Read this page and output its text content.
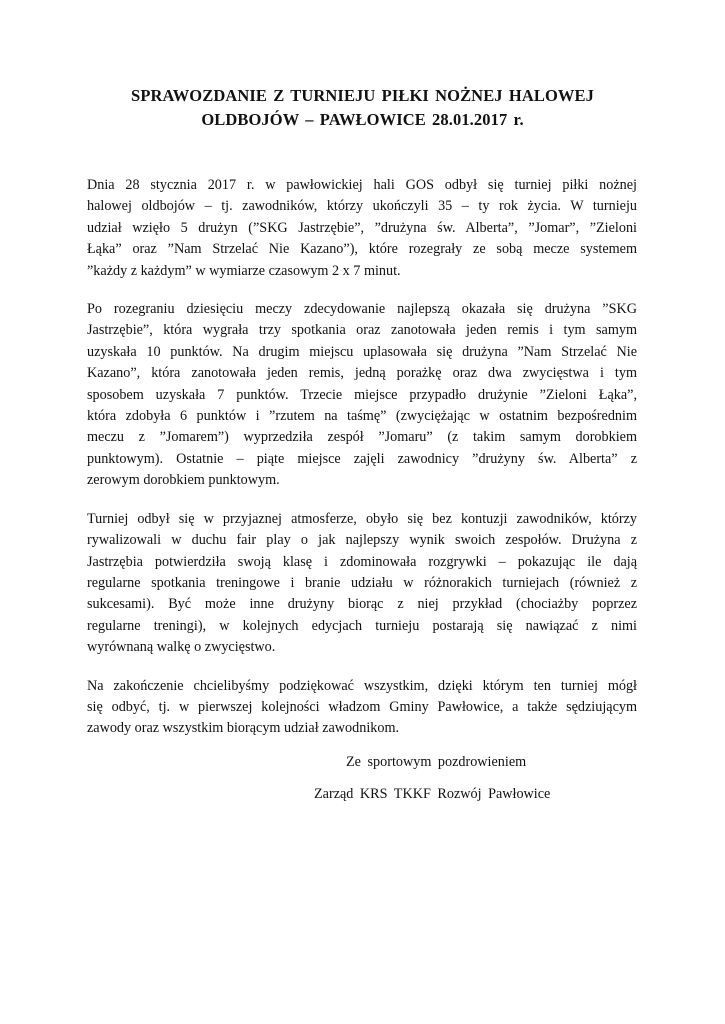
SPRAWOZDANIE Z TURNIEJU PIŁKI NOŻNEJ HALOWEJ
OLDBOJÓW – PAWŁOWICE 28.01.2017 r.

Dnia 28 stycznia 2017 r. w pawłowickiej hali GOS odbył się turniej piłki nożnej
halowej oldbojów – tj. zawodników, którzy ukończyli 35 – ty rok życia. W turnieju
udział wzięło 5 drużyn (”SKG Jastrzębie”, ”drużyna św. Alberta”, ”Jomar”, ”Zieloni
Łąka” oraz ”Nam Strzelać Nie Kazano”), które rozegrały ze sobą mecze systemem
”każdy z każdym” w wymiarze czasowym 2 x 7 minut.

Po rozegraniu dziesięciu meczy zdecydowanie najlepszą okazała się drużyna ”SKG
Jastrzębie”, która wygrała trzy spotkania oraz zanotowała jeden remis i tym samym
uzyskała 10 punktów. Na drugim miejscu uplasowała się drużyna ”Nam Strzelać Nie
Kazano”, która zanotowała jeden remis, jedną porażkę oraz dwa zwycięstwa i tym
sposobem uzyskała 7 punktów. Trzecie miejsce przypadło drużynie ”Zieloni Łąka”,
która zdobyła 6 punktów i ”rzutem na taśmę” (zwyciężając w ostatnim bezpośrednim
meczu z ”Jomarem”) wyprzedziła zespół ”Jomaru” (z takim samym dorobkiem
punktowym). Ostatnie – piąte miejsce zajęli zawodnicy ”drużyny św. Alberta” z
zerowym dorobkiem punktowym.

Turniej odbył się w przyjaznej atmosferze, obyło się bez kontuzji zawodników, którzy
rywalizowali w duchu fair play o jak najlepszy wynik swoich zespołów. Drużyna z
Jastrzębia potwierdziła swoją klasę i zdominowała rozgrywki – pokazując ile dają
regularne spotkania treningowe i branie udziału w różnorakich turniejach (również z
sukcesami). Być może inne drużyny biorąc z niej przykład (chociażby poprzez
regularne treningi), w kolejnych edycjach turnieju postarają się nawiązać z nimi
wyrównaną walkę o zwycięstwo.

Na zakończenie chcielibyśmy podziękować wszystkim, dzięki którym ten turniej mógł
się odbyć, tj. w pierwszej kolejności władzom Gminy Pawłowice, a także sędziującym
zawody oraz wszystkim biorącym udział zawodnikom.

Ze sportowym pozdrowieniem
Zarząd KRS TKKF Rozwój Pawłowice
